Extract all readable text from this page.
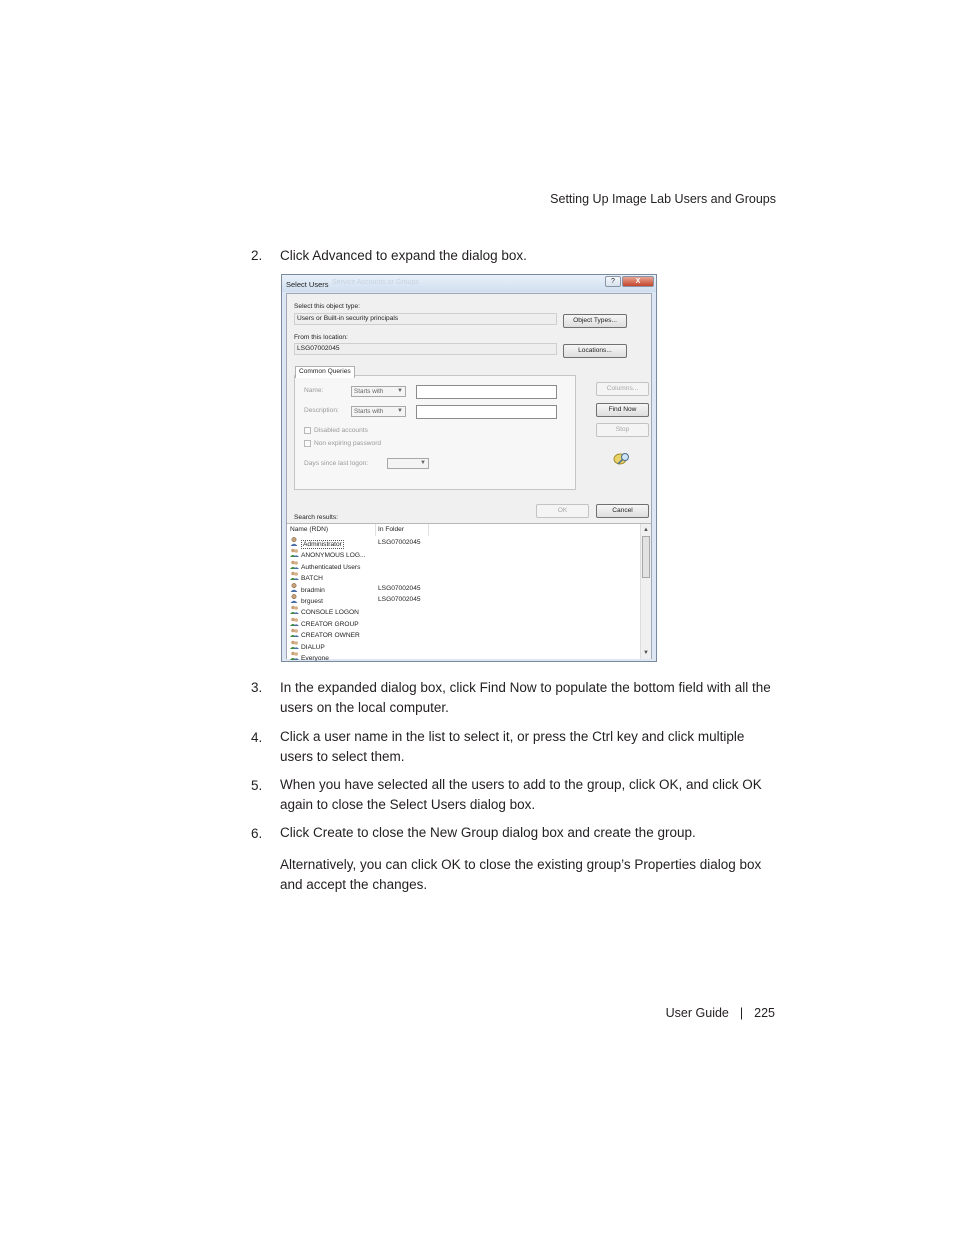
Setting Up Image Lab Users and Groups
2. Click Advanced to expand the dialog box.
Select Users Service Accounts or Groups	?	X
Select this object type:
Users or Built-in security principals	Object Types...
From this location:
LSG07002045	Locations...
Name:	Starts with ▼
Description:	Starts with ▼
Disabled accounts
Non expiring password
Days since last logon:	▼
Common Queries
Columns...
Find Now
Stop
OK	Cancel
Search results:
Name (RDN)	In Folder
Administrator	LSG07002045
ANONYMOUS LOG...
Authenticated Users
BATCH
bradmin	LSG07002045
brguest	LSG07002045
CONSOLE LOGON
CREATOR GROUP
CREATOR OWNER
DIALUP
Everyone
▲
▼
3. In the expanded dialog box, click Find Now to populate the bottom field with all the users on the local computer.
4. Click a user name in the list to select it, or press the Ctrl key and click multiple users to select them.
5. When you have selected all the users to add to the group, click OK, and click OK again to close the Select Users dialog box.
6. Click Create to close the New Group dialog box and create the group.
Alternatively, you can click OK to close the existing group’s Properties dialog box and accept the changes.
User Guide | 225
